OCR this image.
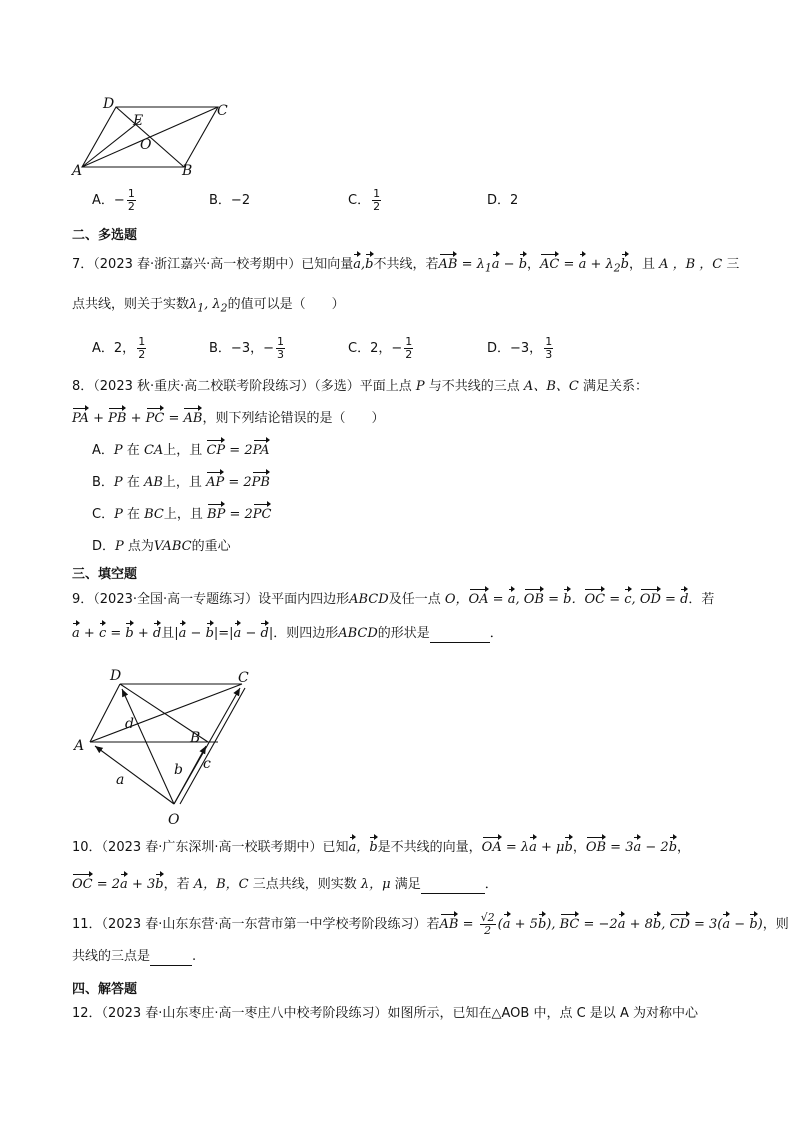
D	C
E
O
A	B
A．− $\frac{1}{2}$	B．−2	C． $\frac{1}{2}$	D．2
二、多选题
7．（2023 春·浙江嘉兴·高一校考期中）已知向量a,b不共线，若AB = $\lambda_1a - b$，AC = $a + \lambda_2b$，且 A ，B ，C 三
点共线，则关于实数$\lambda_1$, $\lambda_2$的值可以是（　　）
A．2， $\frac{1}{2}$	B．−3，− $\frac{1}{3}$	C．2，− $\frac{1}{2}$	D．−3， $\frac{1}{3}$
8．（2023 秋·重庆·高二校联考阶段练习）（多选）平面上点 P 与不共线的三点 A、B、C 满足关系：
PA + PB + PC = AB，则下列结论错误的是（　　）
A．P 在 CA上，且 CP = 2PA
B．P 在 AB上，且 AP = 2PB
C．P 在 BC上，且 BP = 2PC
D．P 点为VABC的重心
三、填空题
9．（2023·全国·高一专题练习）设平面内四边形ABCD及任一点 O，OA = a, OB = b．OC = c, OD = d．若
a + c = b + d且|a − b|=|a − d|．则四边形ABCD的形状是	．
D	C
A	B
d
b c
a
O
10．（2023 春·广东深圳·高一校联考期中）已知a，b是不共线的向量，OA = λa + μb，OB = 3a − 2b，
OC = 2a + 3b，若 A，B，C 三点共线，则实数 λ，μ 满足	．
11．（2023 春·山东东营·高一东营市第一中学校考阶段练习）若AB = $\frac{√2}{2} (a + 5b)$, BC = −2a + 8b, CD = 3(a − b)，则
共线的三点是	.
四、解答题
12．（2023 春·山东枣庄·高一枣庄八中校考阶段练习）如图所示，已知在△AOB 中，点 C 是以 A 为对称中心
